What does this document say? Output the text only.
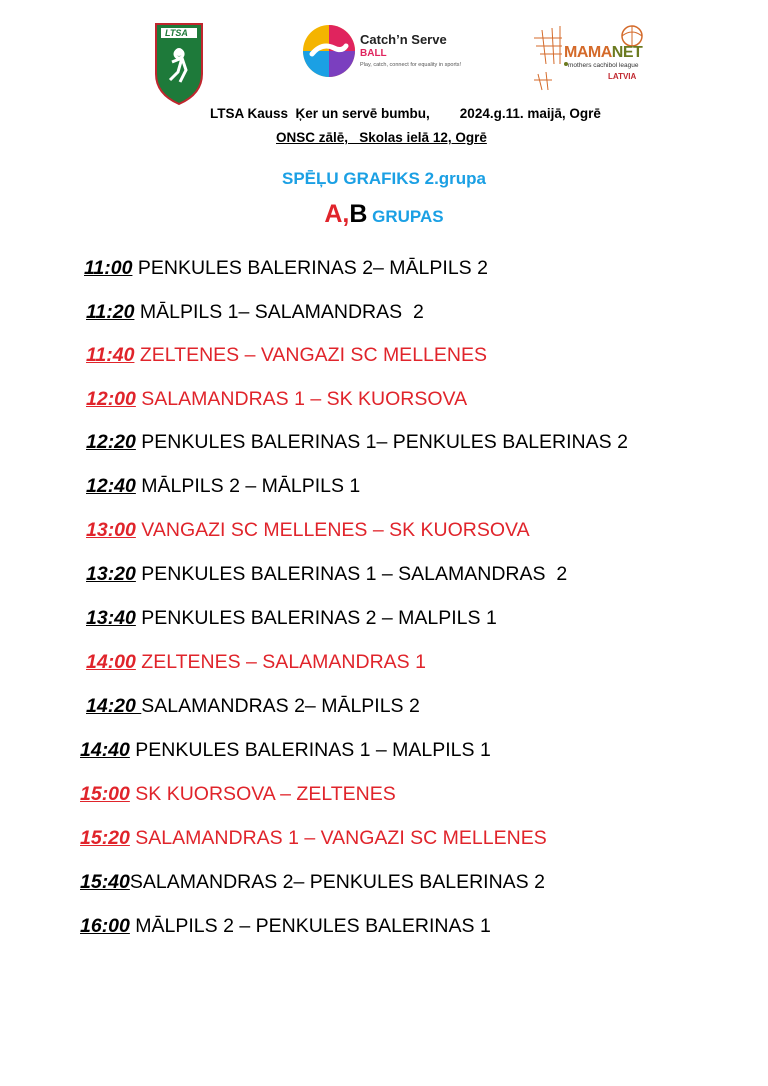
LTSA	Catch’n Serve
BALL
Play, catch, connect for equality in sports!
MAMANET
mothers cachibol league
LATVIA
LTSA Kauss  Ķer un servē bumbu,        2024.g.11. maijā, Ogrē
ONSC zālē,   Skolas ielā 12, Ogrē
SPĒĻU GRAFIKS 2.grupa
A,B GRUPAS
11:00 PENKULES BALERINAS 2– MĀLPILS 2
11:20 MĀLPILS 1– SALAMANDRAS  2
11:40 ZELTENES – VANGAZI SC MELLENES
12:00 SALAMANDRAS 1 – SK KUORSOVA
12:20 PENKULES BALERINAS 1– PENKULES BALERINAS 2
12:40 MĀLPILS 2 – MĀLPILS 1
13:00 VANGAZI SC MELLENES – SK KUORSOVA
13:20 PENKULES BALERINAS 1 – SALAMANDRAS  2
13:40 PENKULES BALERINAS 2 – MALPILS 1
14:00 ZELTENES – SALAMANDRAS 1
14:20 SALAMANDRAS 2– MĀLPILS 2
14:40 PENKULES BALERINAS 1 – MALPILS 1
15:00 SK KUORSOVA – ZELTENES
15:20 SALAMANDRAS 1 – VANGAZI SC MELLENES
15:40SALAMANDRAS 2– PENKULES BALERINAS 2
16:00 MĀLPILS 2 – PENKULES BALERINAS 1
